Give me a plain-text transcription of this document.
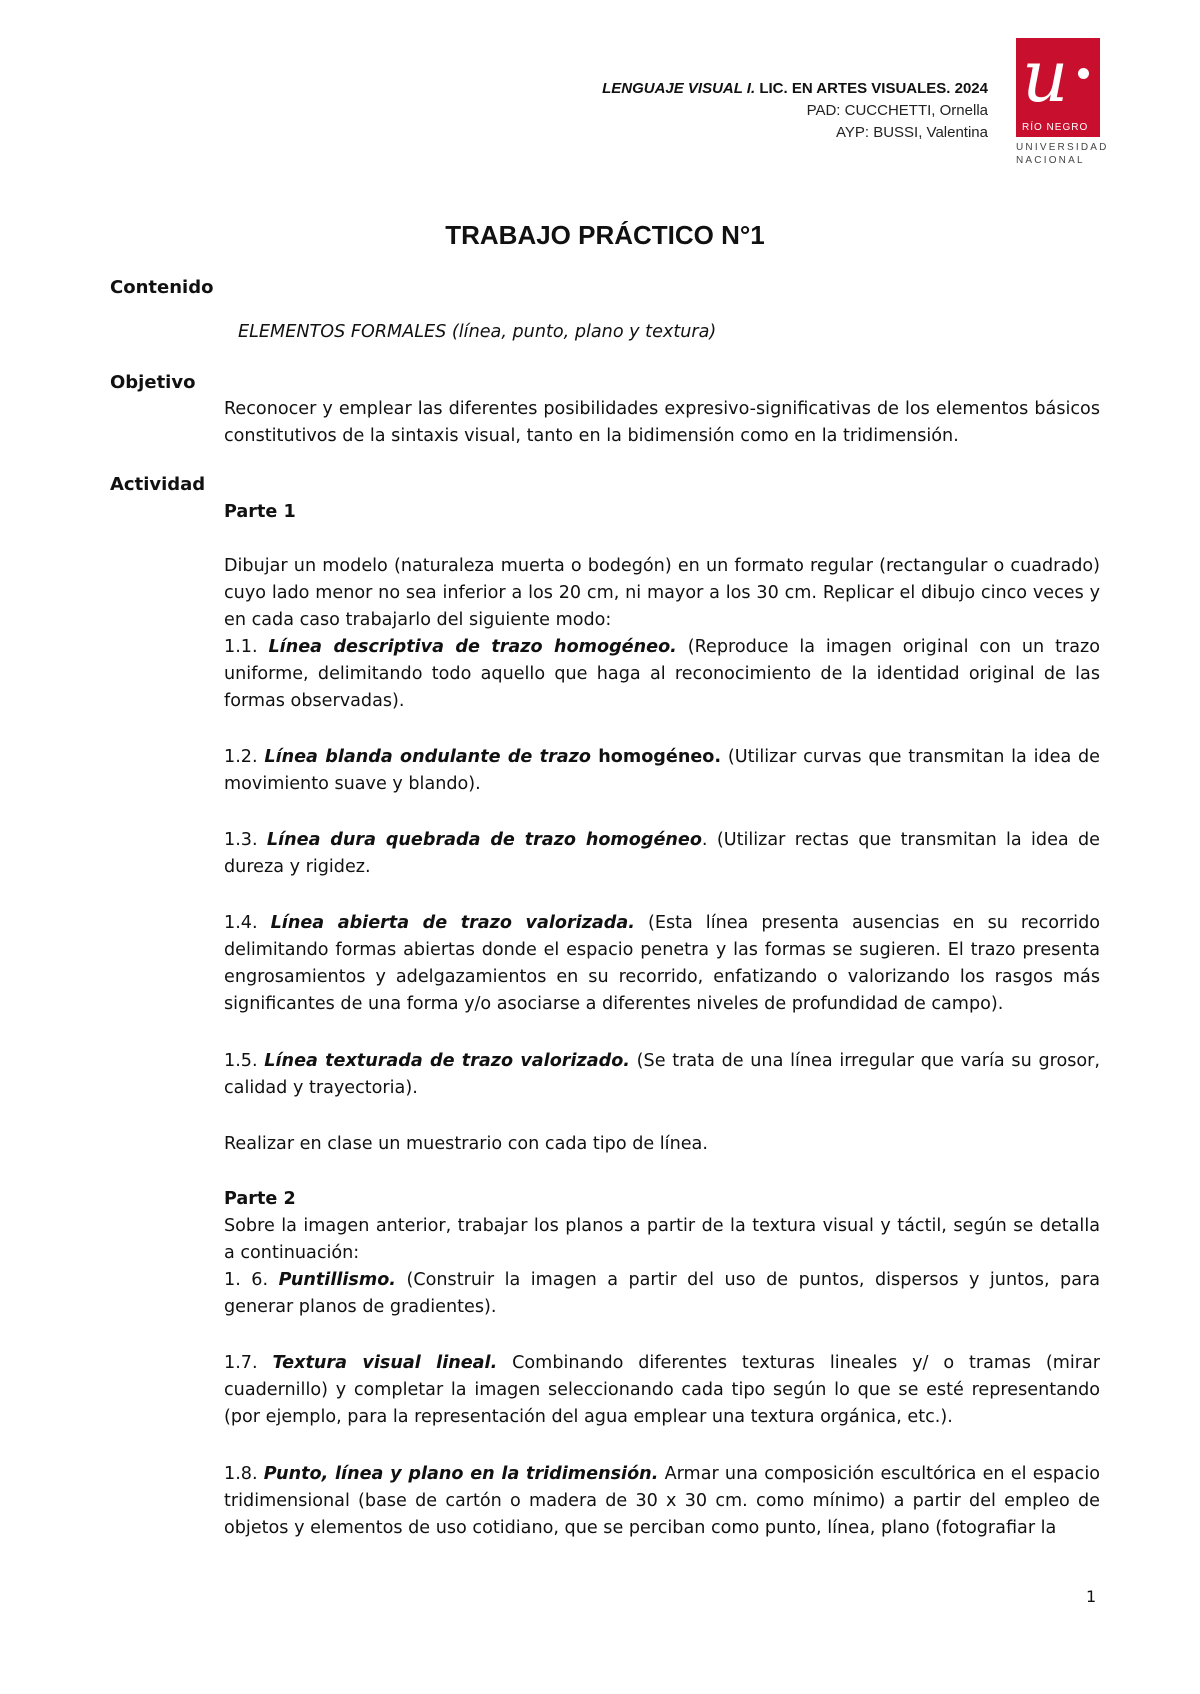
LENGUAJE VISUAL I. LIC. EN ARTES VISUALES. 2024
PAD: CUCCHETTI, Ornella
AYP: BUSSI, Valentina
u
RÍO NEGRO
UNIVERSIDAD
NACIONAL
TRABAJO PRÁCTICO N°1
Contenido
ELEMENTOS FORMALES (línea, punto, plano y textura)
Objetivo
Reconocer y emplear las diferentes posibilidades expresivo-significativas de los elementos básicos constitutivos de la sintaxis visual, tanto en la bidimensión como en la tridimensión.
Actividad
Parte 1
Dibujar un modelo (naturaleza muerta o bodegón) en un formato regular (rectangular o cuadrado) cuyo lado menor no sea inferior a los 20 cm, ni mayor a los 30 cm. Replicar el dibujo cinco veces y en cada caso trabajarlo del siguiente modo:
1.1. Línea descriptiva de trazo homogéneo. (Reproduce la imagen original con un trazo uniforme, delimitando todo aquello que haga al reconocimiento de la identidad original de las formas observadas).
1.2. Línea blanda ondulante de trazo homogéneo. (Utilizar curvas que transmitan la idea de movimiento suave y blando).
1.3. Línea dura quebrada de trazo homogéneo. (Utilizar rectas que transmitan la idea de dureza y rigidez.
1.4. Línea abierta de trazo valorizada. (Esta línea presenta ausencias en su recorrido delimitando formas abiertas donde el espacio penetra y las formas se sugieren. El trazo presenta engrosamientos y adelgazamientos en su recorrido, enfatizando o valorizando los rasgos más significantes de una forma y/o asociarse a diferentes niveles de profundidad de campo).
1.5. Línea texturada de trazo valorizado. (Se trata de una línea irregular que varía su grosor, calidad y trayectoria).
Realizar en clase un muestrario con cada tipo de línea.
Parte 2
Sobre la imagen anterior, trabajar los planos a partir de la textura visual y táctil, según se detalla a continuación:
1. 6. Puntillismo. (Construir la imagen a partir del uso de puntos, dispersos y juntos, para generar planos de gradientes).
1.7. Textura visual lineal. Combinando diferentes texturas lineales y/ o tramas (mirar cuadernillo) y completar la imagen seleccionando cada tipo según lo que se esté representando (por ejemplo, para la representación del agua emplear una textura orgánica, etc.).
1.8. Punto, línea y plano en la tridimensión. Armar una composición escultórica en el espacio tridimensional (base de cartón o madera de 30 x 30 cm. como mínimo) a partir del empleo de objetos y elementos de uso cotidiano, que se perciban como punto, línea, plano (fotografiar la
1
